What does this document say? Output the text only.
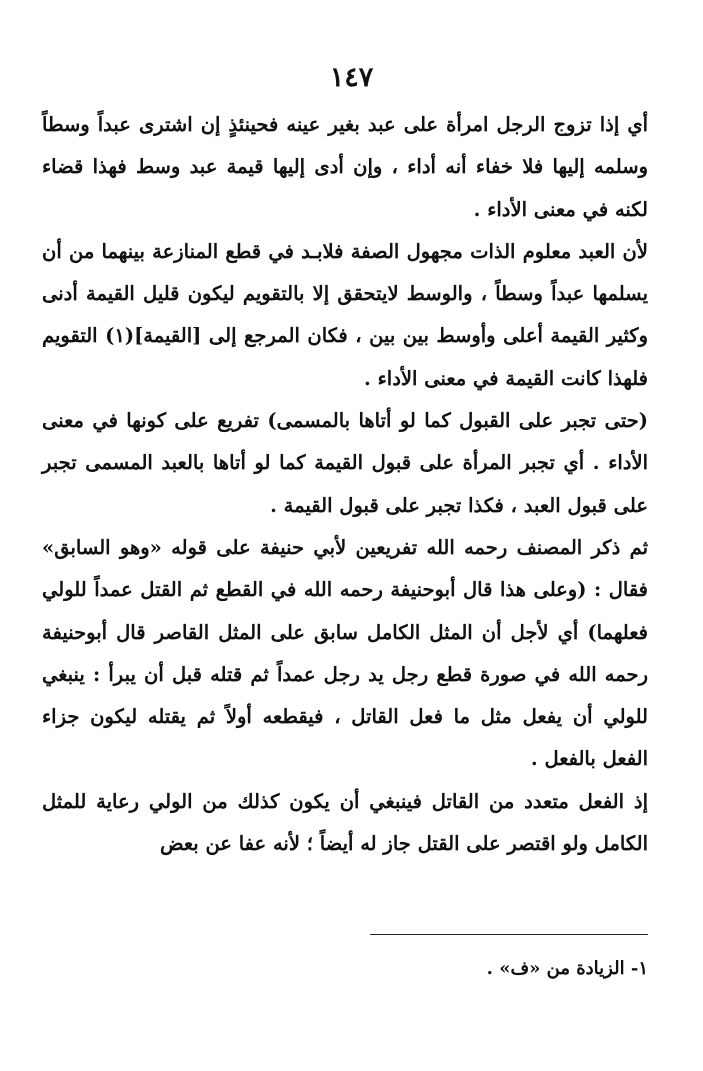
١٤٧

أي إذا تزوج الرجل امرأة على عبد بغير عينه فحينئذٍ إن اشترى عبداً وسطاً وسلمه إليها فلا خفاء أنه أداء ، وإن أدى إليها قيمة عبد وسط فهذا قضاء لكنه في معنى الأداء .

لأن العبد معلوم الذات مجهول الصفة فلابـد في قطع المنازعة بينهما من أن يسلمها عبداً وسطاً ، والوسط لايتحقق إلا بالتقويم ليكون قليل القيمة أدنى وكثير القيمة أعلى وأوسط بين بين ، فكان المرجع إلى [القيمة](١) التقويم فلهذا كانت القيمة في معنى الأداء .

(حتى تجبر على القبول كما لو أتاها بالمسمى) تفريع على كونها في معنى الأداء . أي تجبر المرأة على قبول القيمة كما لو أتاها بالعبد المسمى تجبر على قبول العبد ، فكذا تجبر على قبول القيمة .

ثم ذكر المصنف رحمه الله تفريعين لأبي حنيفة على قوله «وهو السابق» فقال : (وعلى هذا قال أبوحنيفة رحمه الله في القطع ثم القتل عمداً للولي فعلهما) أي لأجل أن المثل الكامل سابق على المثل القاصر قال أبوحنيفة رحمه الله في صورة قطع رجل يد رجل عمداً ثم قتله قبل أن يبرأ : ينبغي للولي أن يفعل مثل ما فعل القاتل ، فيقطعه أولاً ثم يقتله ليكون جزاء الفعل بالفعل .

إذ الفعل متعدد من القاتل فينبغي أن يكون كذلك من الولي رعاية للمثل الكامل ولو اقتصر على القتل جاز له أيضاً ؛ لأنه عفا عن بعض

١- الزيادة من «ف» .
